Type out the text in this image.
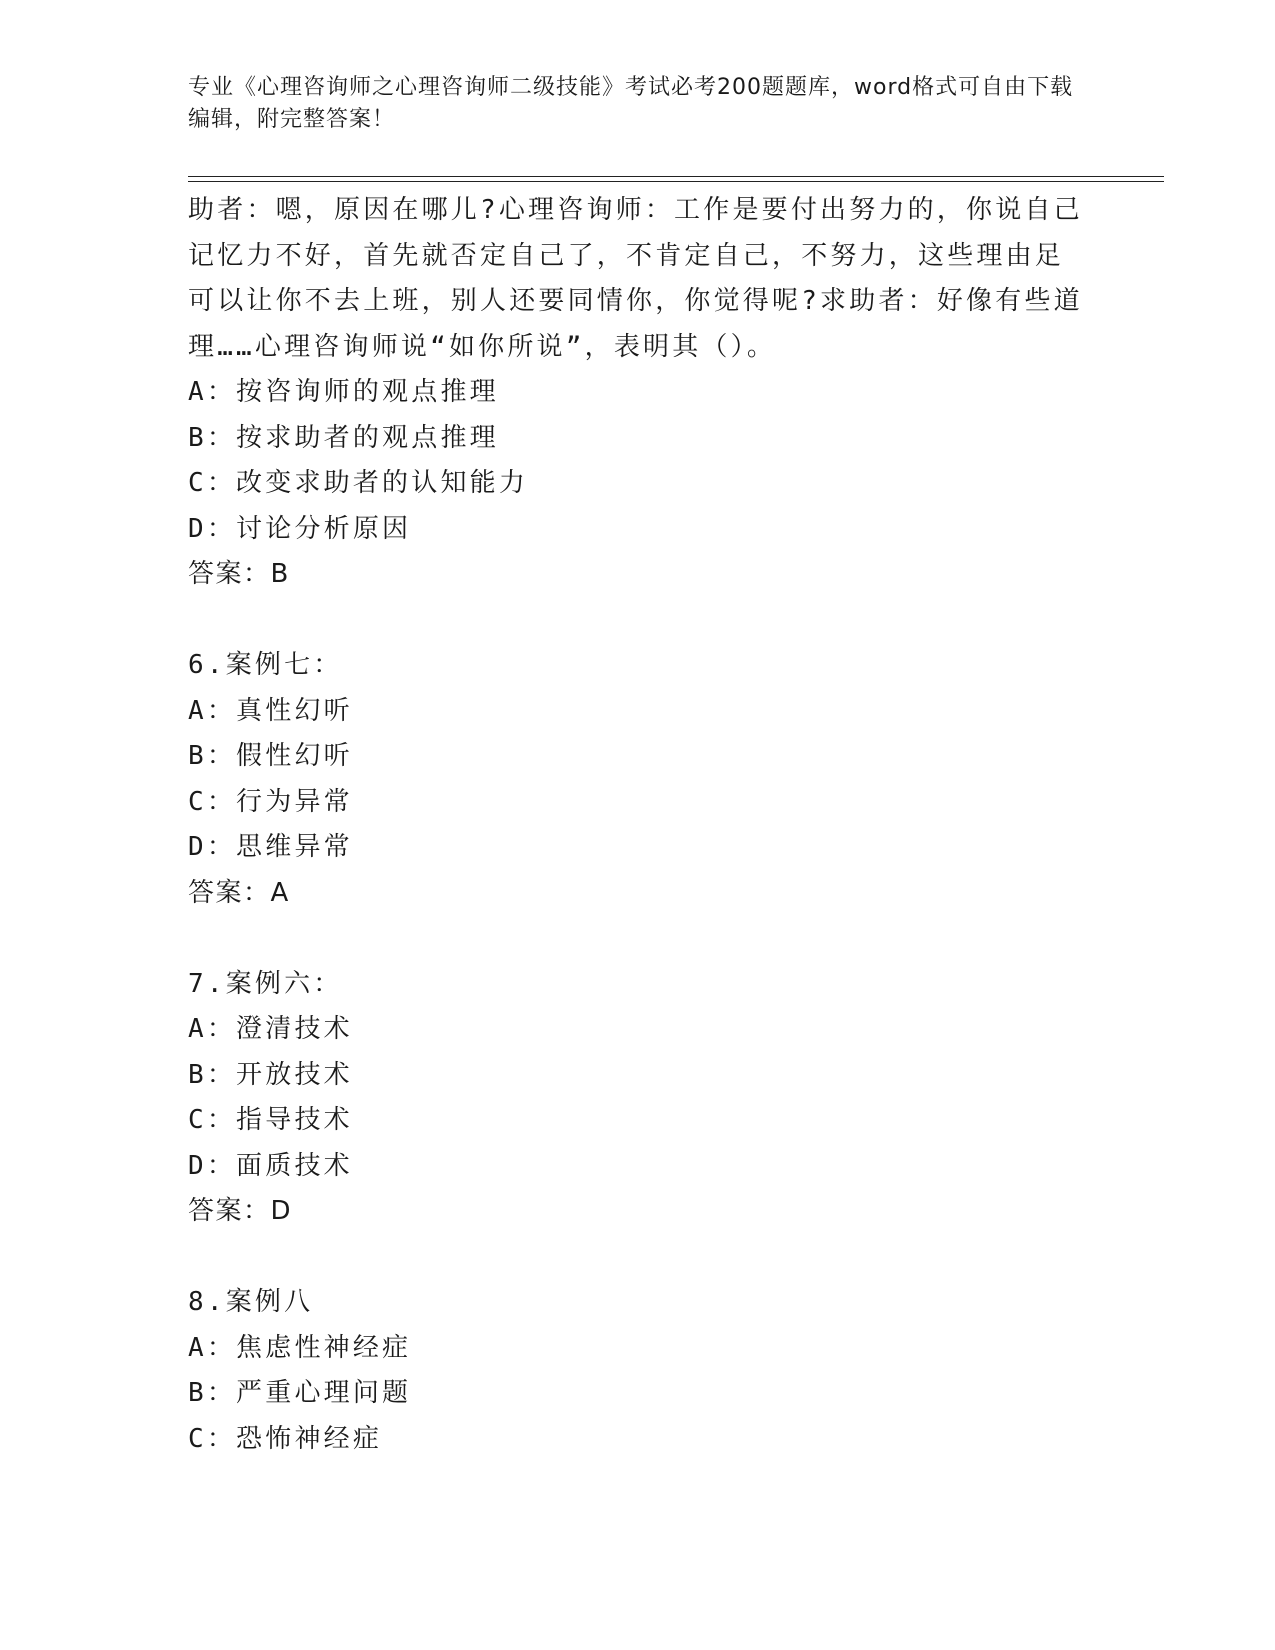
专业《心理咨询师之心理咨询师二级技能》考试必考200题题库，word格式可自由下载编辑，附完整答案！

助者：嗯，原因在哪儿?心理咨询师：工作是要付出努力的，你说自己记忆力不好，首先就否定自己了，不肯定自己，不努力，这些理由足可以让你不去上班，别人还要同情你，你觉得呢?求助者：好像有些道理……心理咨询师说“如你所说”，表明其（）。

A：按咨询师的观点推理
B：按求助者的观点推理
C：改变求助者的认知能力
D：讨论分析原因
答案：B
6.案例七：
A：真性幻听
B：假性幻听
C：行为异常
D：思维异常
答案：A
7.案例六：
A：澄清技术
B：开放技术
C：指导技术
D：面质技术
答案：D
8.案例八
A：焦虑性神经症
B：严重心理问题
C：恐怖神经症
